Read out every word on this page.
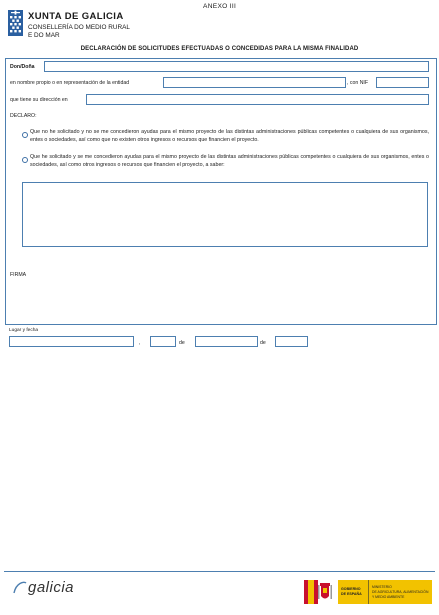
XUNTA DE GALICIA
CONSELLERÍA DO MEDIO RURAL
E DO MAR
ANEXO III
DECLARACIÓN DE SOLICITUDES EFECTUADAS O CONCEDIDAS PARA LA MISMA FINALIDAD
Don/Doña
en nombre propio o en representación de la entidad	, con NIF
que tiene su dirección en
DECLARO:
Que no he solicitado y no se me concedieron ayudas para el mismo proyecto de las distintas administraciones públicas competentes o cualquiera de sus organismos, entes o sociedades, así como que no existen otros ingresos o recursos que financien el proyecto.
Que he solicitado y se me concedieron ayudas para el mismo proyecto de las distintas administraciones públicas competentes o cualquiera de sus organismos, entes o sociedades, así como otros ingresos o recursos que financien el proyecto, a saber:
FIRMA
Lugar y fecha
,	de	de
galicia	GOBIERNO
DE ESPAÑA
MINISTERIO
DE AGRICULTURA, ALIMENTACIÓN
Y MEDIO AMBIENTE
